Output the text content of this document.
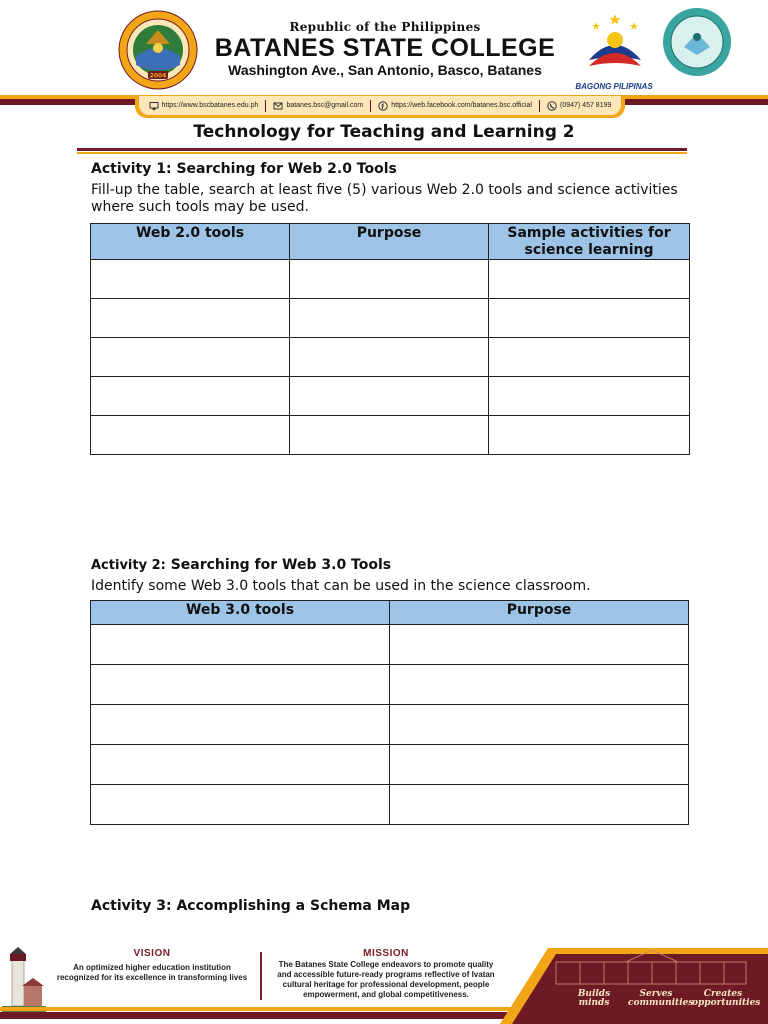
2004
Republic of the Philippines
BATANES STATE COLLEGE
Washington Ave., San Antonio, Basco, Batanes
BAGONG PILIPINAS
https://www.bscbatanes.edu.ph	batanes.bsc@gmail.com	https://web.facebook.com/batanes.bsc.official	(0947) 457 8199
Technology for Teaching and Learning 2
Activity 1: Searching for Web 2.0 Tools
Fill-up the table, search at least five (5) various Web 2.0 tools and science activities where such tools may be used.
Web 2.0 tools	Purpose	Sample activities for science learning

Activity 2: Searching for Web 3.0 Tools
Identify some Web 3.0 tools that can be used in the science classroom.
Web 3.0 tools	Purpose

Activity 3: Accomplishing a Schema Map
VISION
An optimized higher education institution recognized for its excellence in transforming lives
MISSION
The Batanes State College endeavors to promote quality and accessible future-ready programs reflective of Ivatan cultural heritage for professional development, people empowerment, and global competitiveness.	Builds minds
Serves communities
Creates opportunities
